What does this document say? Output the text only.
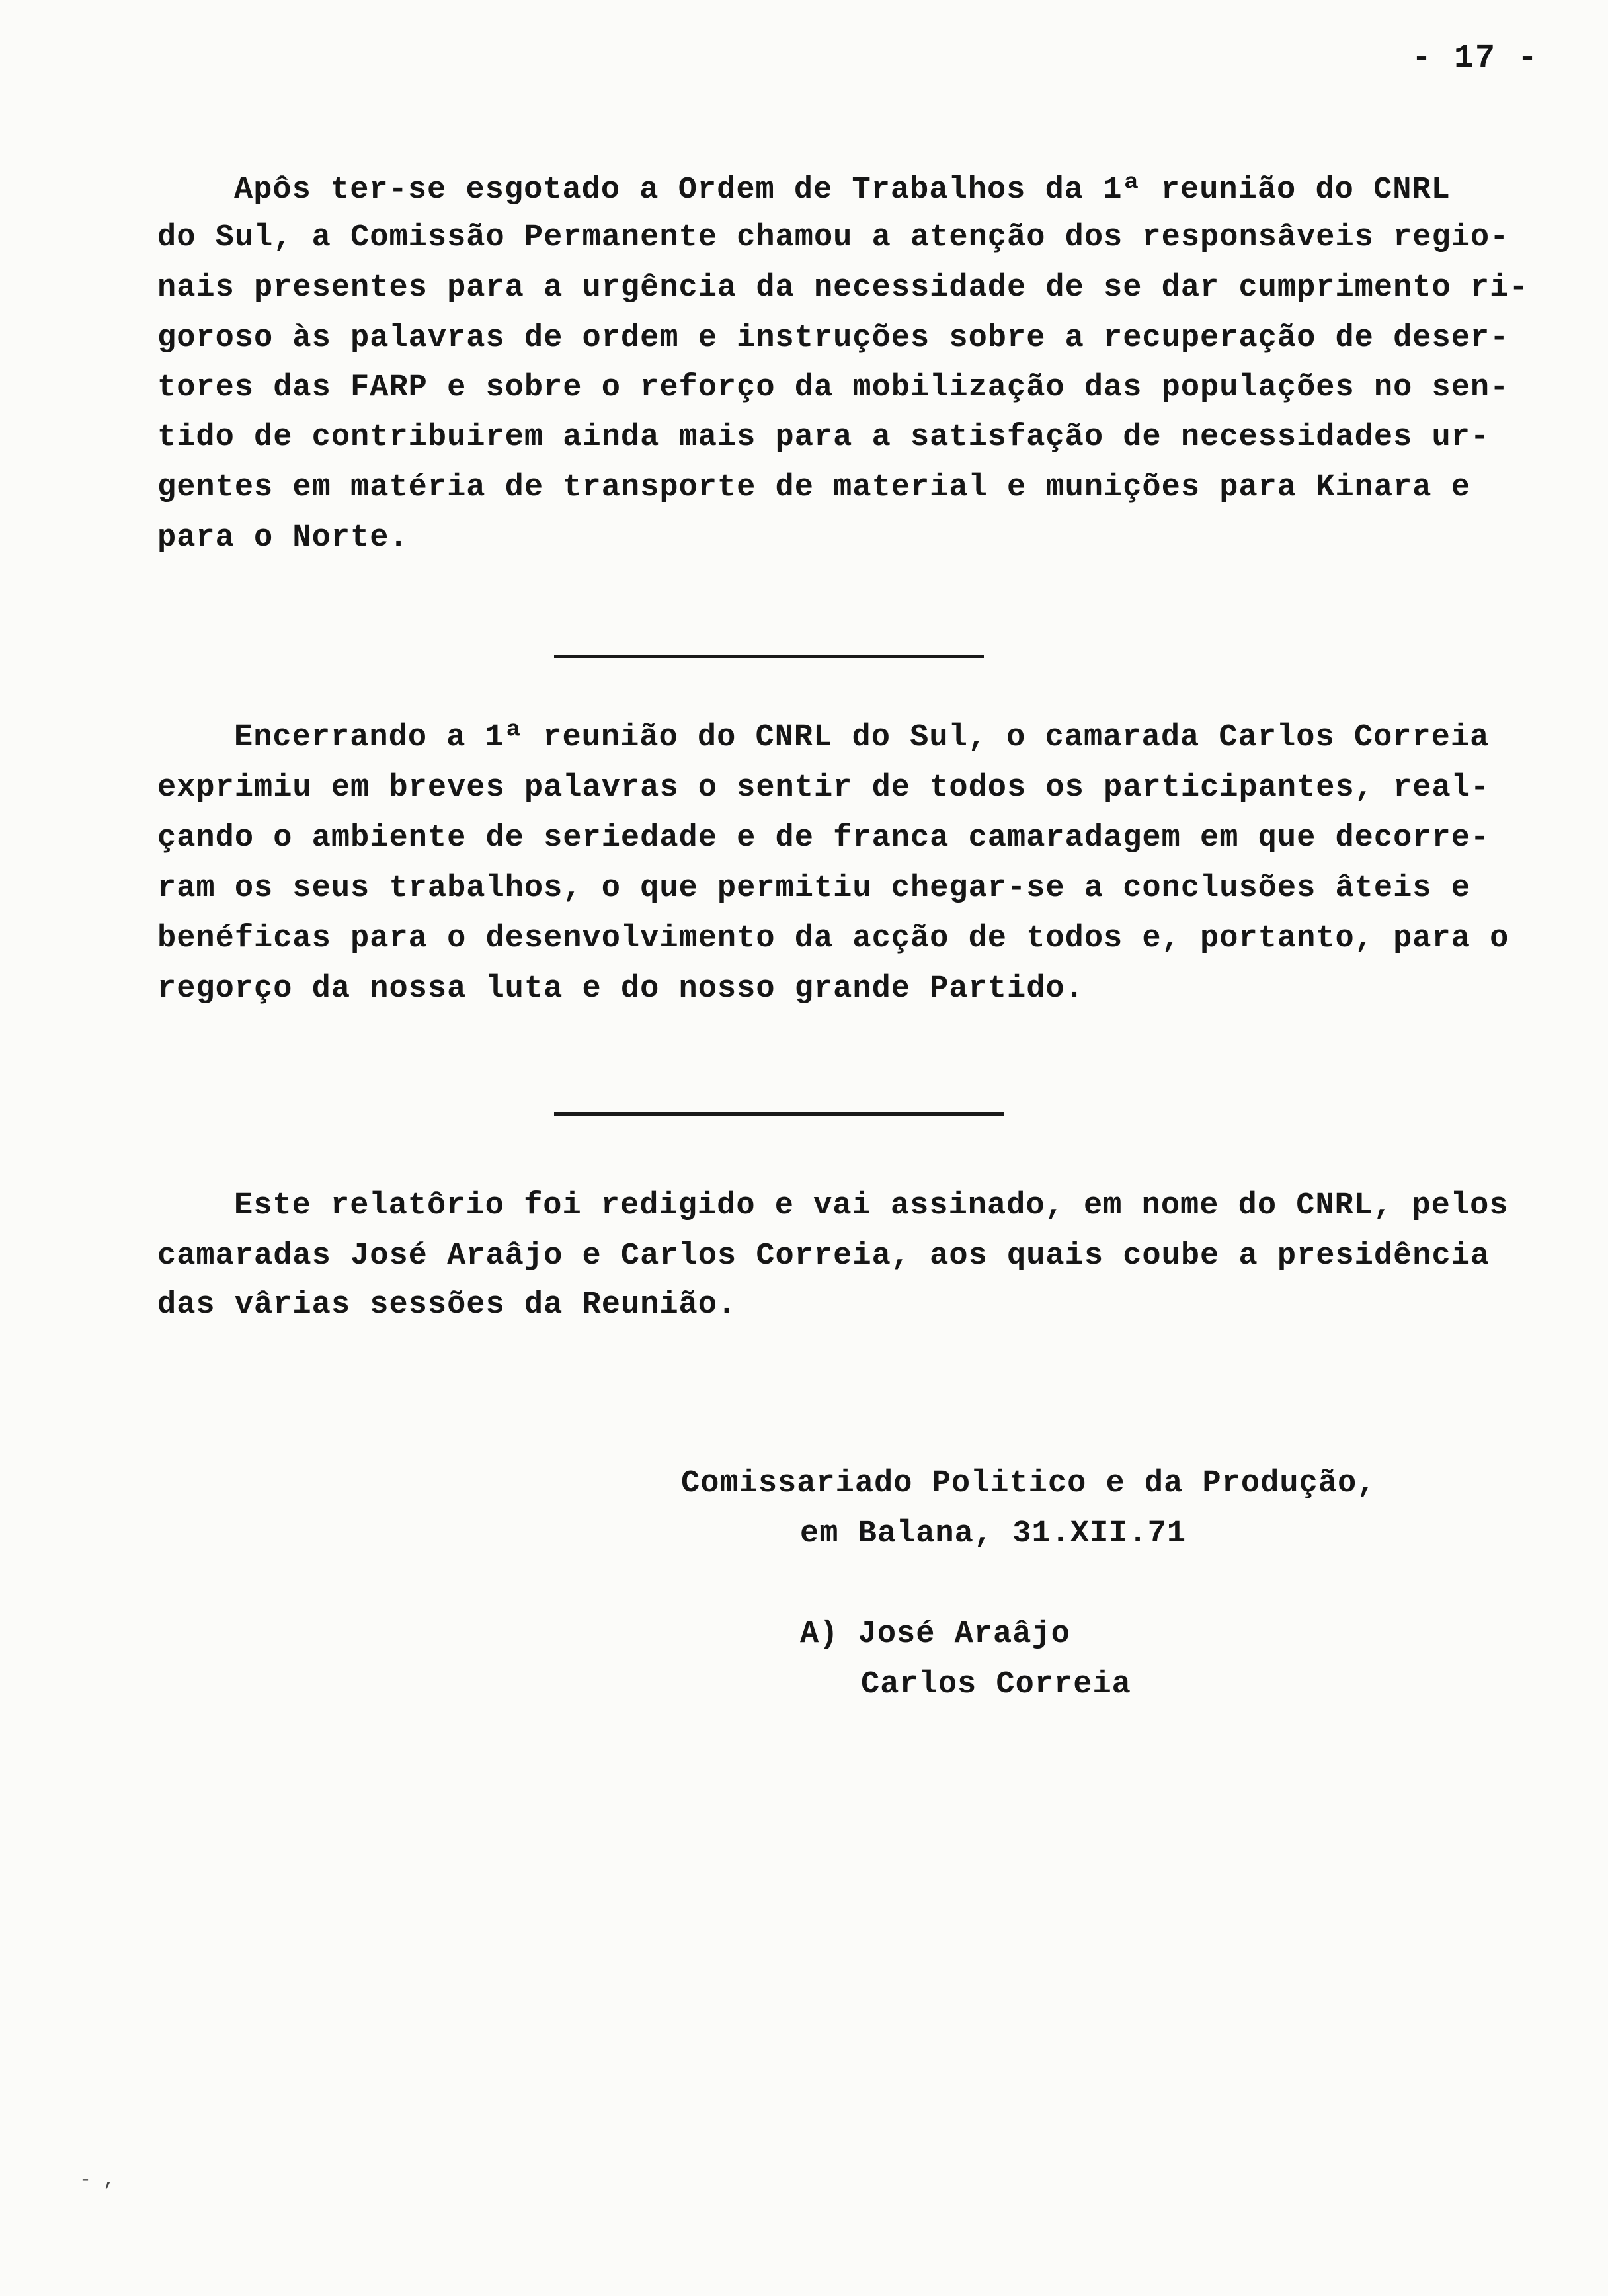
- 17 -
Apôs ter-se esgotado a Ordem de Trabalhos da 1ª reunião do CNRL
do Sul, a Comissão Permanente chamou a atenção dos responsâveis regio-
nais presentes para a urgência da necessidade de se dar cumprimento ri-
goroso às palavras de ordem e instruções sobre a recuperação de deser-
tores das FARP e sobre o reforço da mobilização das populações no sen-
tido de contribuirem ainda mais para a satisfação de necessidades ur-
gentes em matéria de transporte de material e munições para Kinara e
para o Norte.
Encerrando a 1ª reunião do CNRL do Sul, o camarada Carlos Correia
exprimiu em breves palavras o sentir de todos os participantes, real-
çando o ambiente de seriedade e de franca camaradagem em que decorre-
ram os seus trabalhos, o que permitiu chegar-se a conclusões âteis e
benéficas para o desenvolvimento da acção de todos e, portanto, para o
regorço da nossa luta e do nosso grande Partido.
Este relatôrio foi redigido e vai assinado, em nome do CNRL, pelos
camaradas José Araâjo e Carlos Correia, aos quais coube a presidência
das vârias sessões da Reunião.
Comissariado Politico e da Produção,
em Balana, 31.XII.71
A) José Araâjo
Carlos Correia
- ,
